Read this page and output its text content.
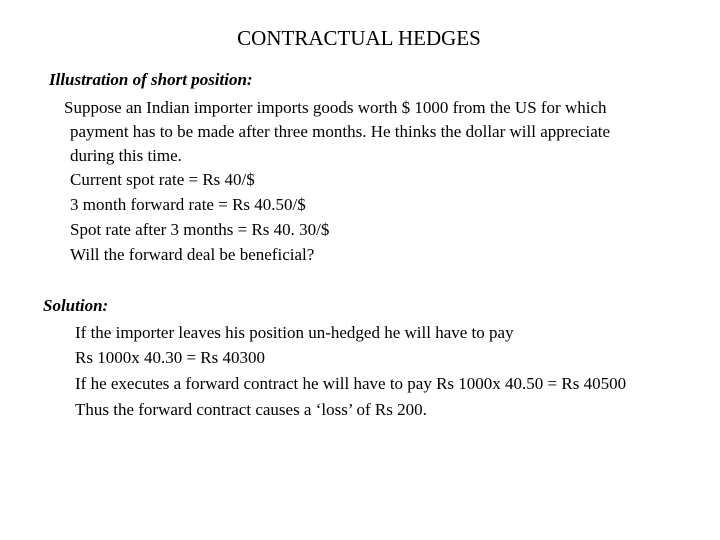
CONTRACTUAL HEDGES
Illustration of short position:
Suppose an Indian importer imports goods worth $ 1000 from the US for which
payment has to be made after three months. He thinks the dollar will appreciate
during this time.
Current spot rate = Rs 40/$
3 month forward rate = Rs 40.50/$
Spot rate after 3 months = Rs 40. 30/$
Will the forward deal be beneficial?
Solution:
If the importer leaves his position un-hedged he will have to pay
Rs 1000x 40.30 = Rs 40300
If he executes a forward contract he will have to pay Rs 1000x 40.50 = Rs 40500
Thus the forward contract causes a ‘loss’ of Rs 200.
